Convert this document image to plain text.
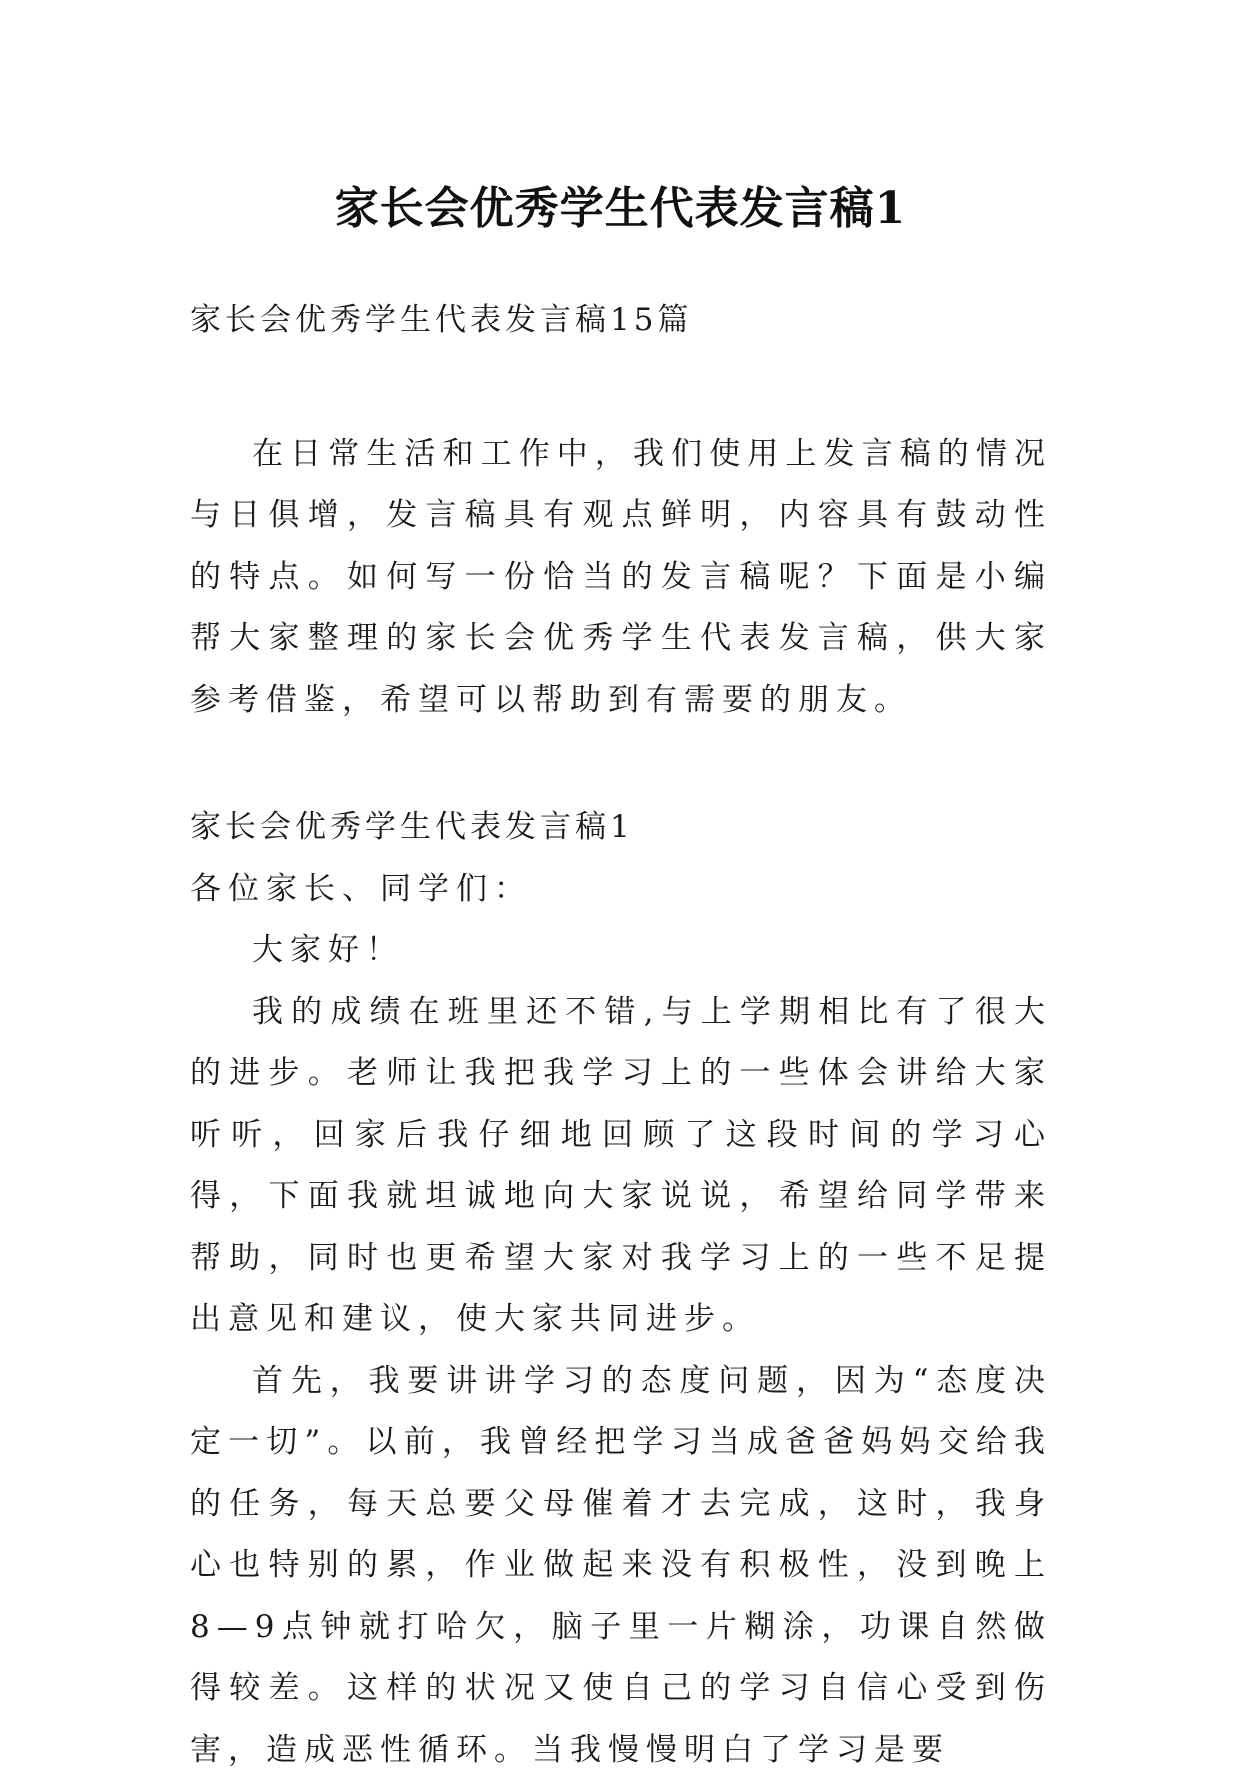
家长会优秀学生代表发言稿1

家长会优秀学生代表发言稿15篇

在日常生活和工作中，我们使用上发言稿的情况与日俱增，发言稿具有观点鲜明，内容具有鼓动性的特点。如何写一份恰当的发言稿呢？下面是小编帮大家整理的家长会优秀学生代表发言稿，供大家参考借鉴，希望可以帮助到有需要的朋友。

家长会优秀学生代表发言稿1

各位家长、同学们：

大家好！

我的成绩在班里还不错,与上学期相比有了很大的进步。老师让我把我学习上的一些体会讲给大家听听，回家后我仔细地回顾了这段时间的学习心得，下面我就坦诚地向大家说说，希望给同学带来帮助，同时也更希望大家对我学习上的一些不足提出意见和建议，使大家共同进步。

首先，我要讲讲学习的态度问题，因为“态度决定一切”。以前，我曾经把学习当成爸爸妈妈交给我的任务，每天总要父母催着才去完成，这时，我身心也特别的累，作业做起来没有积极性，没到晚上8—9点钟就打哈欠，脑子里一片糊涂，功课自然做得较差。这样的状况又使自己的学习自信心受到伤害，造成恶性循环。当我慢慢明白了学习是要
